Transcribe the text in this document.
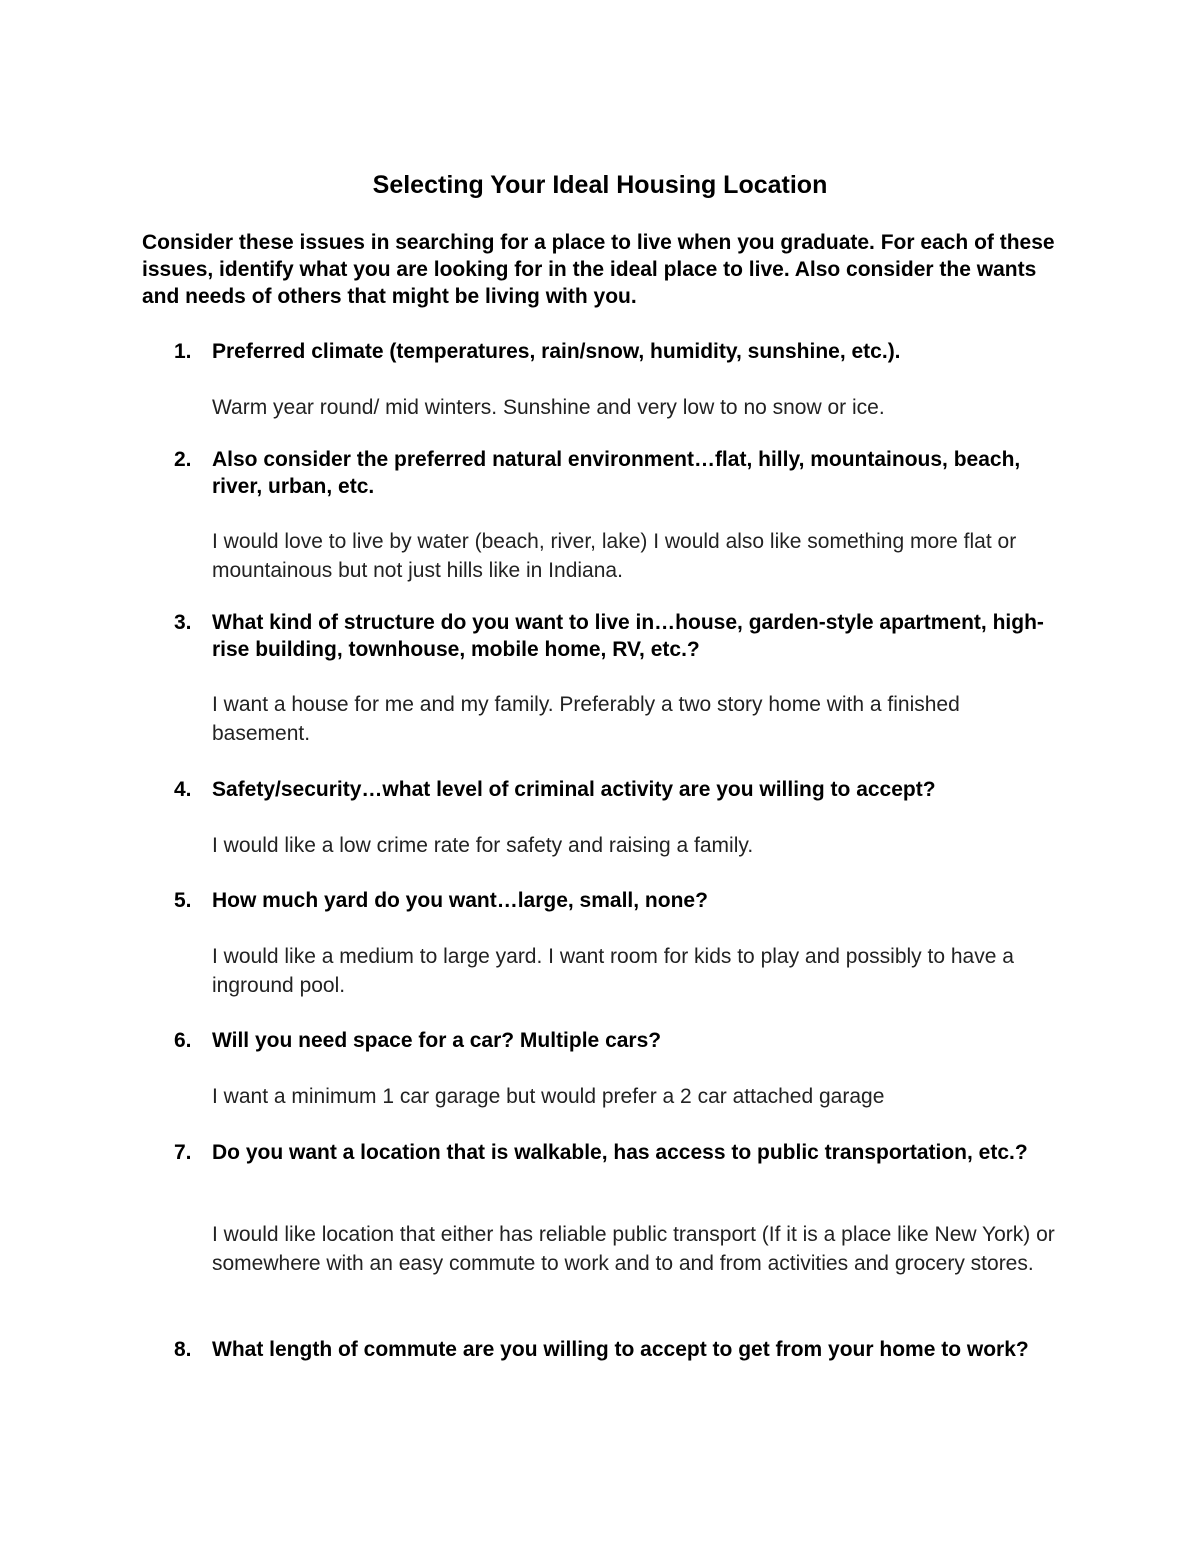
Selecting Your Ideal Housing Location
Consider these issues in searching for a place to live when you graduate. For each of these issues, identify what you are looking for in the ideal place to live. Also consider the wants and needs of others that might be living with you.
1. Preferred climate (temperatures, rain/snow, humidity, sunshine, etc.).
Warm year round/ mid winters. Sunshine and very low to no snow or ice.
2. Also consider the preferred natural environment…flat, hilly, mountainous, beach, river, urban, etc.
I would love to live by water (beach, river, lake) I would also like something more flat or mountainous but not just hills like in Indiana.
3. What kind of structure do you want to live in…house, garden-style apartment, high-rise building, townhouse, mobile home, RV, etc.?
I want a house for me and my family. Preferably a two story home with a finished basement.
4. Safety/security…what level of criminal activity are you willing to accept?
I would like a low crime rate for safety and raising a family.
5. How much yard do you want…large, small, none?
I would like a medium to large yard. I want room for kids to play and possibly to have a inground pool.
6. Will you need space for a car? Multiple cars?
I want a minimum 1 car garage but would prefer a 2 car attached garage
7. Do you want a location that is walkable, has access to public transportation, etc.?
I would like location that either has reliable public transport (If it is a place like New York) or somewhere with an easy commute to work and to and from activities and grocery stores.
8. What length of commute are you willing to accept to get from your home to work?
